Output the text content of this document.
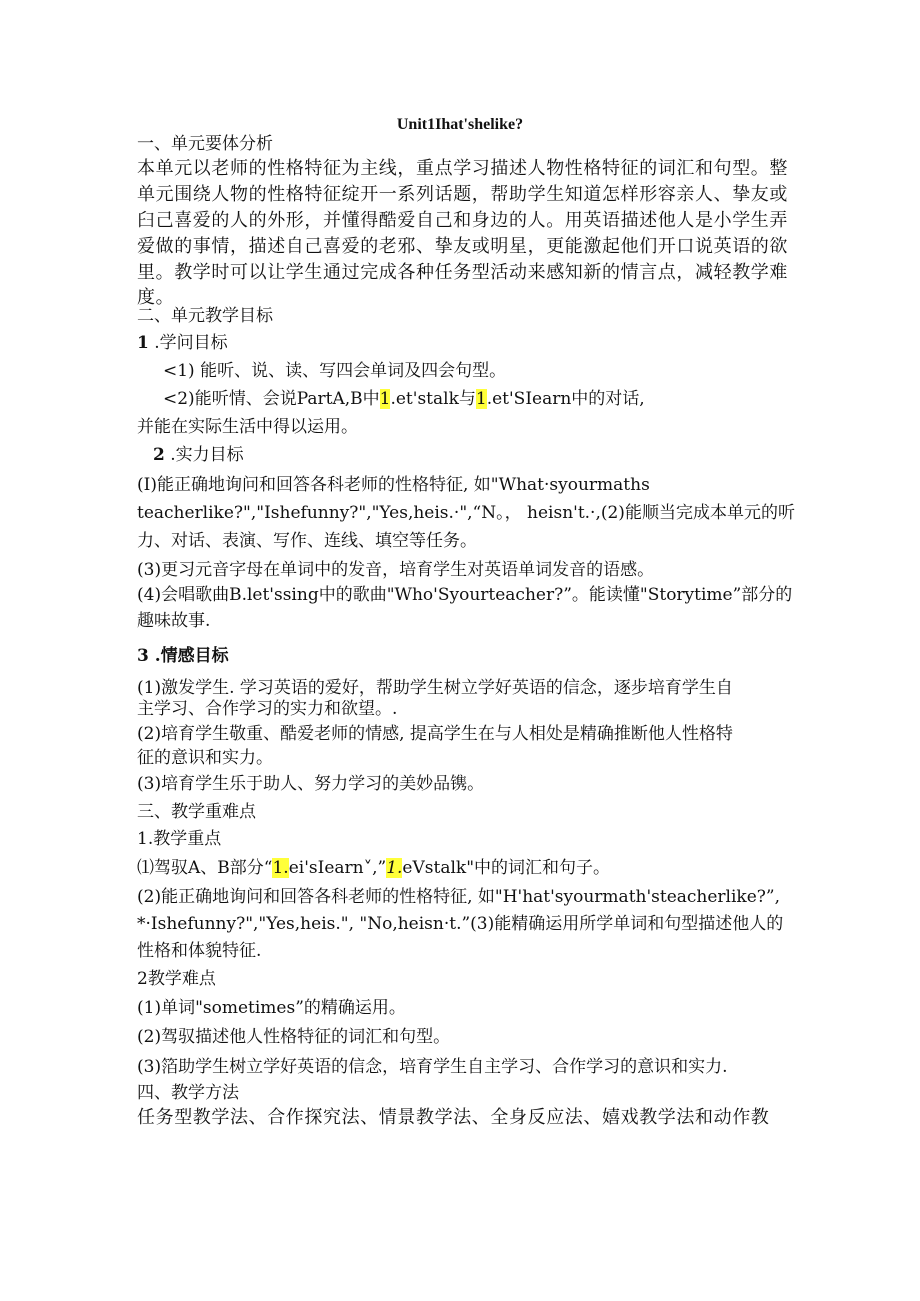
Unit1Ihat'shelike?
一、单元要体分析
本单元以老师的性格特征为主线，重点学习描述人物性格特征的词汇和句型。整
单元围绕人物的性格特征绽开一系列话题，帮助学生知道怎样形容亲人、挚友或
臼己喜爱的人的外形，并懂得酷爱自己和身边的人。用英语描述他人是小学生弄
爱做的事情，描述自己喜爱的老邪、挚友或明星，更能激起他们开口说英语的欲
里。教学时可以让学生通过完成各种任务型活动来感知新的情言点，减轻教学难
度。
二、单元教学目标
1 .学问目标
<1) 能听、说、读、写四会单词及四会句型。
<2)能听情、会说PartA,B中1.et'stalk与1.et'SIearn中的对话,
并能在实际生活中得以运用。
2 .实力目标
(I)能正确地询问和回答各科老师的性格特征, 如"What·syourmaths
teacherlike?","Ishefunny?","Yes,heis.·",“N。， heisn't.·,(2)能顺当完成本单元的听
力、对话、表演、写作、连线、填空等任务。
(3)更习元音字母在单词中的发音，培育学生对英语单词发音的语感。
(4)会唱歌曲B.let'ssing中的歌曲"Who'Syourteacher?”。能读懂"Storytime”部分的
趣味故事.
3 .情感目标
(1)激发学生. 学习英语的爱好，帮助学生树立学好英语的信念，逐步培育学生自
主学习、合作学习的实力和欲望。.
(2)培育学生敬重、酷爱老师的情感, 提高学生在与人相处是精确推断他人性格特
征的意识和实力。
(3)培育学生乐于助人、努力学习的美妙品镌。
三、教学重难点
1.教学重点
⑴驾驭A、B部分“1.ei'sIearn˅,”1.eVstalk"中的词汇和句子。
(2)能正确地询问和回答各科老师的性格特征, 如"H'hat'syourmath'steacherlike?”,
*·Ishefunny?","Yes,heis.", "No,heisn·t.”(3)能精确运用所学单词和句型描述他人的
性格和体貌特征.
2教学难点
(1)单词"sometimes”的精确运用。
(2)驾驭描述他人性格特征的词汇和句型。
(3)箔助学生树立学好英语的信念，培育学生自主学习、合作学习的意识和实力.
四、教学方法
任务型教学法、合作探究法、情景教学法、全身反应法、嬉戏教学法和动作教
